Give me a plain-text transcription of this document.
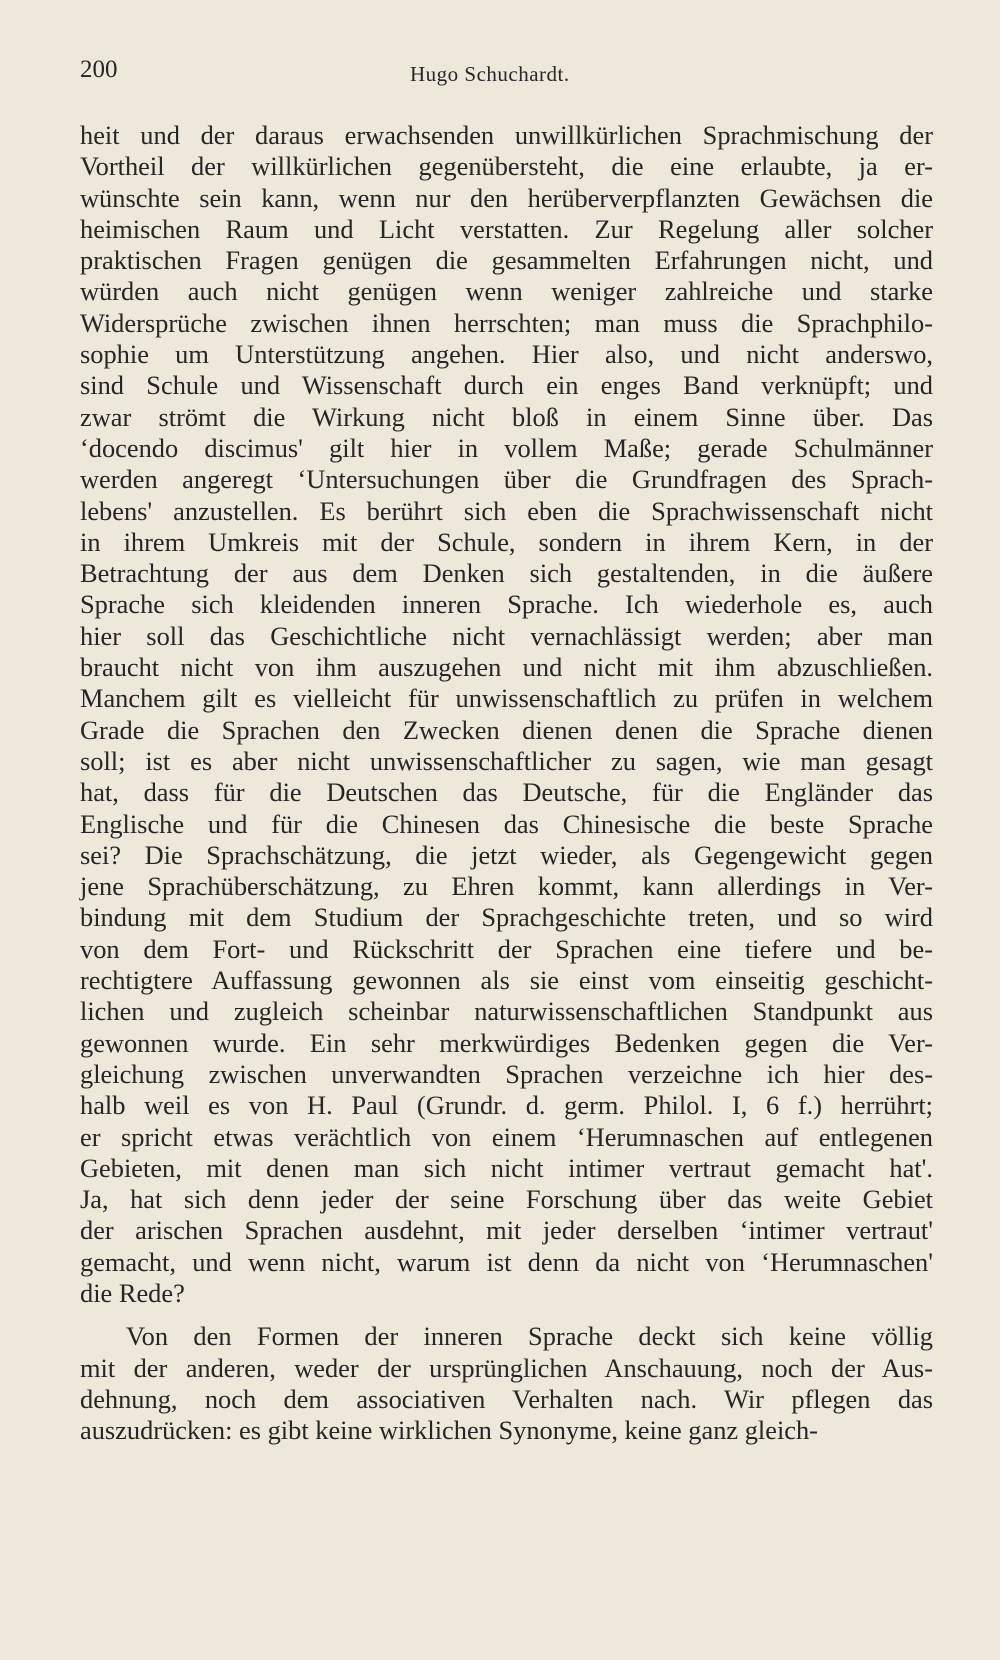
200	Hugo Schuchardt.

heit und der daraus erwachsenden unwillkürlichen Sprachmischung der
Vortheil der willkürlichen gegenübersteht, die eine erlaubte, ja er-
wünschte sein kann, wenn nur den herüberverpflanzten Gewächsen die
heimischen Raum und Licht verstatten. Zur Regelung aller solcher
praktischen Fragen genügen die gesammelten Erfahrungen nicht, und
würden auch nicht genügen wenn weniger zahlreiche und starke
Widersprüche zwischen ihnen herrschten; man muss die Sprachphilo-
sophie um Unterstützung angehen. Hier also, und nicht anderswo,
sind Schule und Wissenschaft durch ein enges Band verknüpft; und
zwar strömt die Wirkung nicht bloß in einem Sinne über. Das
ʻdocendo discimus' gilt hier in vollem Maße; gerade Schulmänner
werden angeregt ʻUntersuchungen über die Grundfragen des Sprach-
lebens' anzustellen. Es berührt sich eben die Sprachwissenschaft nicht
in ihrem Umkreis mit der Schule, sondern in ihrem Kern, in der
Betrachtung der aus dem Denken sich gestaltenden, in die äußere
Sprache sich kleidenden inneren Sprache. Ich wiederhole es, auch
hier soll das Geschichtliche nicht vernachlässigt werden; aber man
braucht nicht von ihm auszugehen und nicht mit ihm abzuschließen.
Manchem gilt es vielleicht für unwissenschaftlich zu prüfen in welchem
Grade die Sprachen den Zwecken dienen denen die Sprache dienen
soll; ist es aber nicht unwissenschaftlicher zu sagen, wie man gesagt
hat, dass für die Deutschen das Deutsche, für die Engländer das
Englische und für die Chinesen das Chinesische die beste Sprache
sei? Die Sprachschätzung, die jetzt wieder, als Gegengewicht gegen
jene Sprachüberschätzung, zu Ehren kommt, kann allerdings in Ver-
bindung mit dem Studium der Sprachgeschichte treten, und so wird
von dem Fort- und Rückschritt der Sprachen eine tiefere und be-
rechtigtere Auffassung gewonnen als sie einst vom einseitig geschicht-
lichen und zugleich scheinbar naturwissenschaftlichen Standpunkt aus
gewonnen wurde. Ein sehr merkwürdiges Bedenken gegen die Ver-
gleichung zwischen unverwandten Sprachen verzeichne ich hier des-
halb weil es von H. Paul (Grundr. d. germ. Philol. I, 6 f.) herrührt;
er spricht etwas verächtlich von einem ʻHerumnaschen auf entlegenen
Gebieten, mit denen man sich nicht intimer vertraut gemacht hat'.
Ja, hat sich denn jeder der seine Forschung über das weite Gebiet
der arischen Sprachen ausdehnt, mit jeder derselben ʻintimer vertraut'
gemacht, und wenn nicht, warum ist denn da nicht von ʻHerumnaschen'
die Rede?

Von den Formen der inneren Sprache deckt sich keine völlig
mit der anderen, weder der ursprünglichen Anschauung, noch der Aus-
dehnung, noch dem associativen Verhalten nach. Wir pflegen das
auszudrücken: es gibt keine wirklichen Synonyme, keine ganz gleich-
